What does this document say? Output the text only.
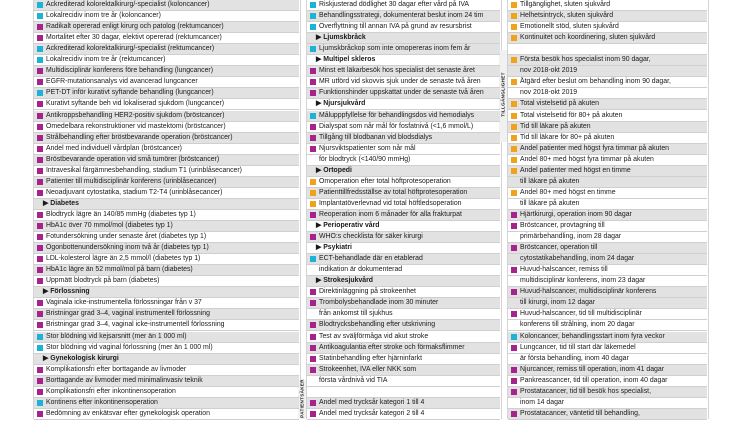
TILLGÄNGLIGHET
PATIENTSÄKER
Ackrediterad kolorektalkirurg/-specialist (koloncancer)
Lokalrecidiv inom tre år (koloncancer)
Radikalt opererad enligt kirurg och patolog (rektumcancer)
Mortalitet efter 30 dagar, elektivt opererad (rektumcancer)
Ackrediterad kolorektalkirurg/-specialist (rektumcancer)
Lokalrecidiv inom tre år (rektumcancer)
Multidisciplinär konferens före behandling (lungcancer)
EGFR-mutationsanalys vid avancerad lungcancer
PET-DT inför kurativt syftande behandling (lungcancer)
Kurativt syftande beh vid lokaliserad sjukdom (lungcancer)
Antikroppsbehandling HER2-positiv sjukdom (bröstcancer)
Omedelbara rekonstruktioner vid mastektomi (bröstcancer)
Strålbehandling efter bröstbevarande operation (bröstcancer)
Andel med individuell vårdplan (bröstcancer)
Bröstbevarande operation vid små tumörer (bröstcancer)
Intravesikal färgämnesbehandling, stadium T1 (urinblåsecancer)
Patienter till multidisciplinär konferens (urinblåsecancer)
Neoadjuvant cytostatika, stadium T2-T4 (urinblåsecancer)
▶ Diabetes
Blodtryck lägre än 140/85 mmHg (diabetes typ 1)
HbA1c över 70 mmol/mol (diabetes typ 1)
Fotundersökning under senaste året (diabetes typ 1)
Ögonbottenundersökning inom två år (diabetes typ 1)
LDL-kolesterol lägre än 2,5 mmol/l (diabetes typ 1)
HbA1c lägre än 52 mmol/mol på barn (diabetes)
Uppmätt blodtryck på barn (diabetes)
▶ Förlossning
Vaginala icke-instrumentella förlossningar från v 37
Bristningar grad 3–4, vaginal instrumentell förlossning
Bristningar grad 3–4, vaginal icke-instrumentell förlossning
Stor blödning vid kejsarsnitt (mer än 1 000 ml)
Stor blödning vid vaginal förlossning (mer än 1 000 ml)
▶ Gynekologisk kirurgi
Komplikationsfri efter borttagande av livmoder
Borttagande av livmoder med minimalinvasiv teknik
Komplikationsfri efter inkontinensoperation
Kontinens efter inkontinensoperation
Bedömning av enkätsvar efter gynekologisk operation
Riskjusterad dödlighet 30 dagar efter vård på IVA
Behandlingsstrategi, dokumenterat beslut inom 24 tim
Överflyttning till annan IVA på grund av resursbrist
▶ Ljumskbråck
Ljumskbråckop som inte omopereras inom fem år
▶ Multipel skleros
Minst ett läkarbesök hos specialist det senaste året
MR utförd vid skovvis sjuk under de senaste två åren
Funktionshinder uppskattat under de senaste två åren
▶ Njursjukvård
Målupppfyllelse för behandlingsdos vid hemodialys
Dialyspat som når mål för fosfatnivå (<1,6 mmol/L)
Tillgång till blodbanan vid blodsdialys
Njursviktspatienter som når mål
för blodtryck (<140/90 mmHg)
▶ Ortopedi
Omoperation efter total höftprotesoperation
Patienttillfredsställse av total höftprotesoperation
Implantatöverlevnad vid total höftledsoperation
Reoperation inom 6 månader för alla frakturpat
▶ Perioperativ vård
WHO:s checklista för säker kirurgi
▶ Psykiatri
ECT-behandlade där en etablerad
indikation är dokumenterad
▶ Strokesjukvård
Direktinläggning på strokeenhet
Trombolysbehandlade inom 30 minuter
från ankomst till sjukhus
Blodtrycksbehandling efter utskrivning
Test av sväljförmåga vid akut stroke
Antikoagulantia efter stroke och förmaksflimmer
Statinbehandling efter hjärninfarkt
Strokeenhet, IVA eller NKK som
första vårdnivå vid TIA
Andel med trycksår kategori 1 till 4
Andel med trycksår kategori 2 till 4
Tillgänglighet, sluten sjukvård
Helhetsintryck, sluten sjukvård
Emotionellt stöd, sluten sjukvård
Kontinuitet och koordinering, sluten sjukvård
Första besök hos specialist inom 90 dagar,
nov 2018-okt 2019
Åtgärd efter beslut om behandling inom 90 dagar,
nov 2018-okt 2019
Total vistelsetid på akuten
Total vistelsetid för 80+ på akuten
Tid till läkare på akuten
Tid till läkare för 80+ på akuten
Andel patienter med högst fyra timmar på akuten
Andel 80+ med högst fyra timmar på akuten
Andel patienter med högst en timme
till läkare på akuten
Andel 80+ med högst en timme
till läkare på akuten
Hjärtkirurgi, operation inom 90 dagar
Bröstcancer, provtagning till
primärbehandling, inom 28 dagar
Bröstcancer, operation till
cytostatikabehandling, inom 24 dagar
Huvud-halscancer, remiss till
multidisciplinär konferens, inom 23 dagar
Huvud-halscancer, multidisciplinär konferens
till kirurgi, inom 12 dagar
Huvud-halscancer, tid till multidisciplinär
konferens till strålning, inom 20 dagar
Koloncancer, behandlingsstart inom fyra veckor
Lungcancer, tid till start där läkemedel
är första behandling, inom 40 dagar
Njurcancer, remiss till operation, inom 41 dagar
Pankreascancer, tid till operation, inom 40 dagar
Prostatacancer, tid till besök hos specialist,
inom 14 dagar
Prostatacancer, väntetid till behandling,
